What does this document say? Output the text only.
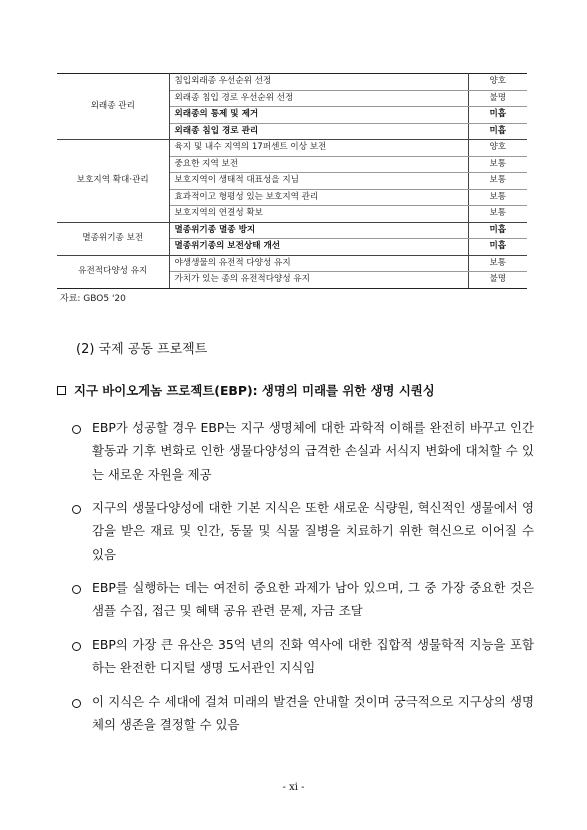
외래종 관리	침입외래종 우선순위 선정	양호
	외래종 침입 경로 우선순위 선정	불명
	외래종의 통제 및 제거	미흡
	외래종 침입 경로 관리	미흡
보호지역 확대·관리	육지 및 내수 지역의 17퍼센트 이상 보전	양호
	중요한 지역 보전	보통
	보호지역이 생태적 대표성을 지님	보통
	효과적이고 형평성 있는 보호지역 관리	보통
	보호지역의 연결성 확보	보통
멸종위기종 보전	멸종위기종 멸종 방지	미흡
	멸종위기종의 보전상태 개선	미흡
유전적다양성 유지	야생생물의 유전적 다양성 유지	보통
	가치가 있는 종의 유전적다양성 유지	불명
자료: GBO5 '20
(2) 국제 공동 프로젝트
지구 바이오게놈 프로젝트(EBP): 생명의 미래를 위한 생명 시퀀싱
EBP가 성공할 경우 EBP는 지구 생명체에 대한 과학적 이해를 완전히 바꾸고 인간 활동과 기후 변화로 인한 생물다양성의 급격한 손실과 서식지 변화에 대처할 수 있는 새로운 자원을 제공
지구의 생물다양성에 대한 기본 지식은 또한 새로운 식량원, 혁신적인 생물에서 영감을 받은 재료 및 인간, 동물 및 식물 질병을 치료하기 위한 혁신으로 이어질 수 있음
EBP를 실행하는 데는 여전히 중요한 과제가 남아 있으며, 그 중 가장 중요한 것은 샘플 수집, 접근 및 혜택 공유 관련 문제, 자금 조달
EBP의 가장 큰 유산은 35억 년의 진화 역사에 대한 집합적 생물학적 지능을 포함하는 완전한 디지털 생명 도서관인 지식임
이 지식은 수 세대에 걸쳐 미래의 발견을 안내할 것이며 궁극적으로 지구상의 생명체의 생존을 결정할 수 있음
- xi -
